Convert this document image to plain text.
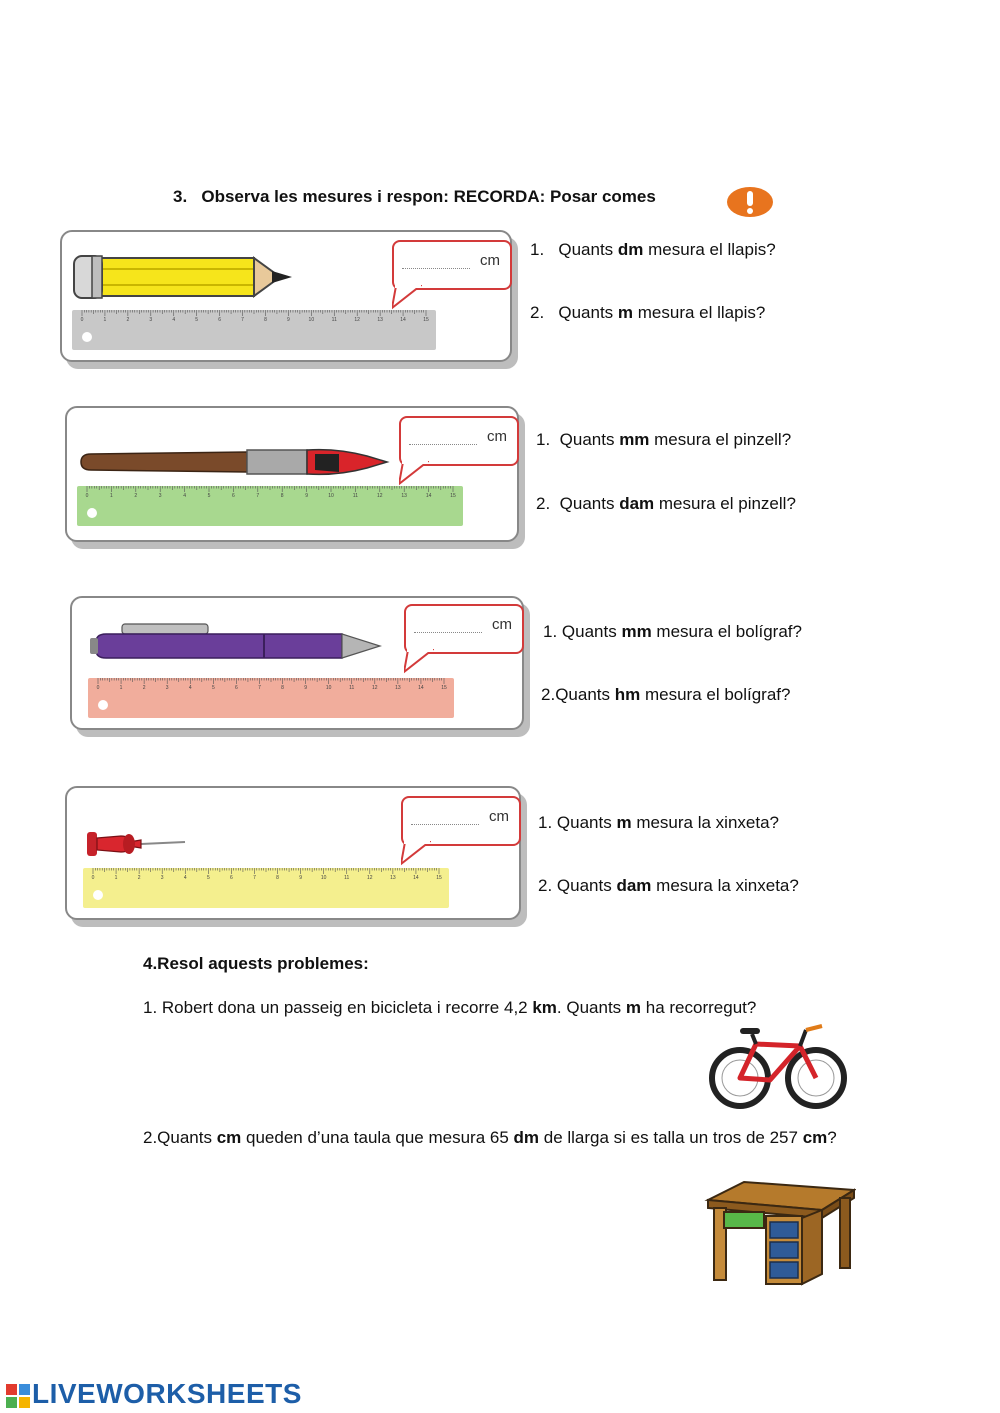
3. Observa les mesures i respon: RECORDA: Posar comes
0	1	2	3	4	5	6	7	8	9	10	11	12	13	14	15
cm
1. Quants dm mesura el llapis?
2. Quants m mesura el llapis?
0	1	2	3	4	5	6	7	8	9	10	11	12	13	14	15
cm 1. Quants mm mesura el pinzell?
2. Quants dam mesura el pinzell?
0	1	2	3	4	5	6	7	8	9	10	11	12	13	14	15
cm 1. Quants mm mesura el bolígraf?
2.Quants hm mesura el bolígraf?
0	1	2	3	4	5	6	7	8	9	10	11	12	13	14	15
cm 1. Quants m mesura la xinxeta?
2. Quants dam mesura la xinxeta?
4.Resol aquests problemes:
1. Robert dona un passeig en bicicleta i recorre 4,2 km. Quants m ha recorregut?
2.Quants cm queden d’una taula que mesura 65 dm de llarga si es talla un tros de 257 cm?
LIVEWORKSHEETS
